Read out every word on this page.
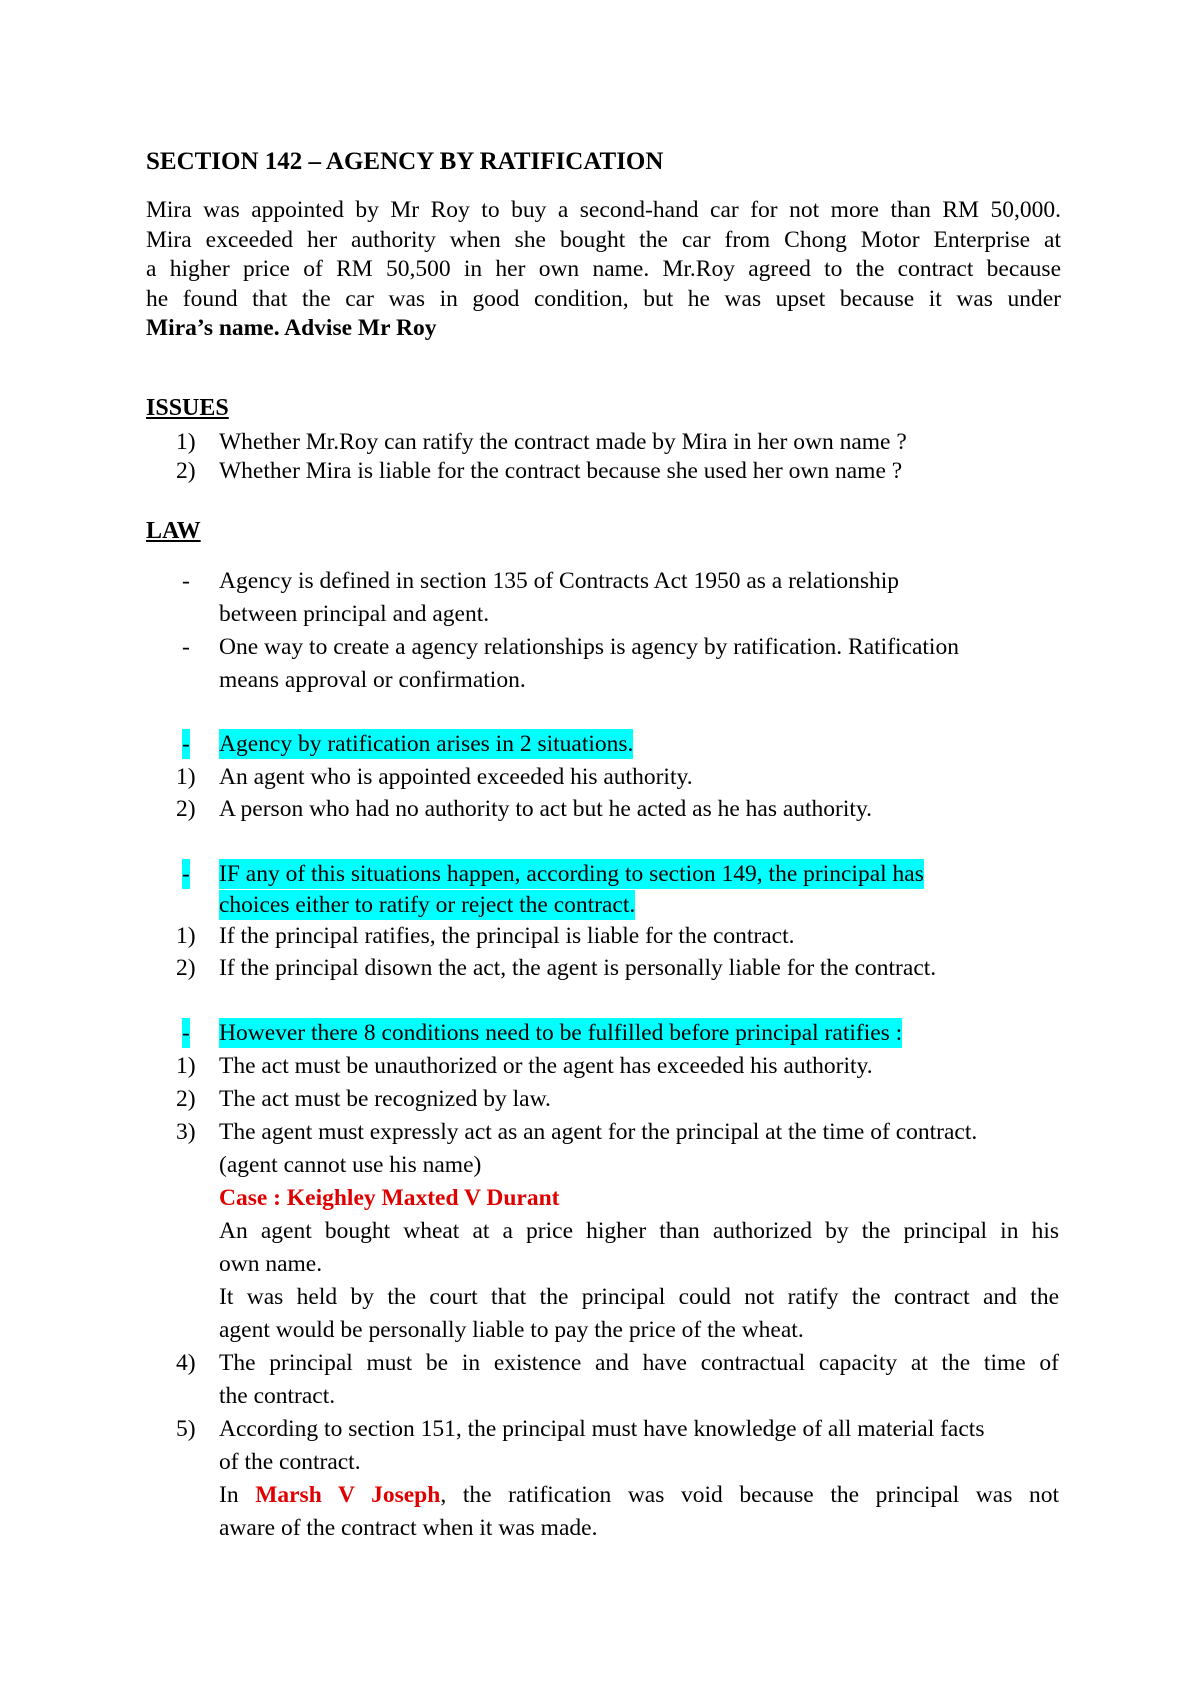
SECTION 142 – AGENCY BY RATIFICATION
Mira was appointed by Mr Roy to buy a second-hand car for not more than RM 50,000.
Mira exceeded her authority when she bought the car from Chong Motor Enterprise at
a higher price of RM 50,500 in her own name. Mr.Roy agreed to the contract because
he found that the car was in good condition, but he was upset because it was under
Mira’s name. Advise Mr Roy
ISSUES
1) Whether Mr.Roy can ratify the contract made by Mira in her own name ?
2) Whether Mira is liable for the contract because she used her own name ?
LAW
- Agency is defined in section 135 of Contracts Act 1950 as a relationship
between principal and agent.
- One way to create a agency relationships is agency by ratification. Ratification
means approval or confirmation.
- Agency by ratification arises in 2 situations.
1) An agent who is appointed exceeded his authority.
2) A person who had no authority to act but he acted as he has authority.
- IF any of this situations happen, according to section 149, the principal has
choices either to ratify or reject the contract.
1) If the principal ratifies, the principal is liable for the contract.
2) If the principal disown the act, the agent is personally liable for the contract.
- However there 8 conditions need to be fulfilled before principal ratifies :
1) The act must be unauthorized or the agent has exceeded his authority.
2) The act must be recognized by law.
3) The agent must expressly act as an agent for the principal at the time of contract.
(agent cannot use his name)
Case : Keighley Maxted V Durant
An agent bought wheat at a price higher than authorized by the principal in his
own name.
It was held by the court that the principal could not ratify the contract and the
agent would be personally liable to pay the price of the wheat.
4) The principal must be in existence and have contractual capacity at the time of
the contract.
5) According to section 151, the principal must have knowledge of all material facts
of the contract.
In Marsh V Joseph, the ratification was void because the principal was not
aware of the contract when it was made.
